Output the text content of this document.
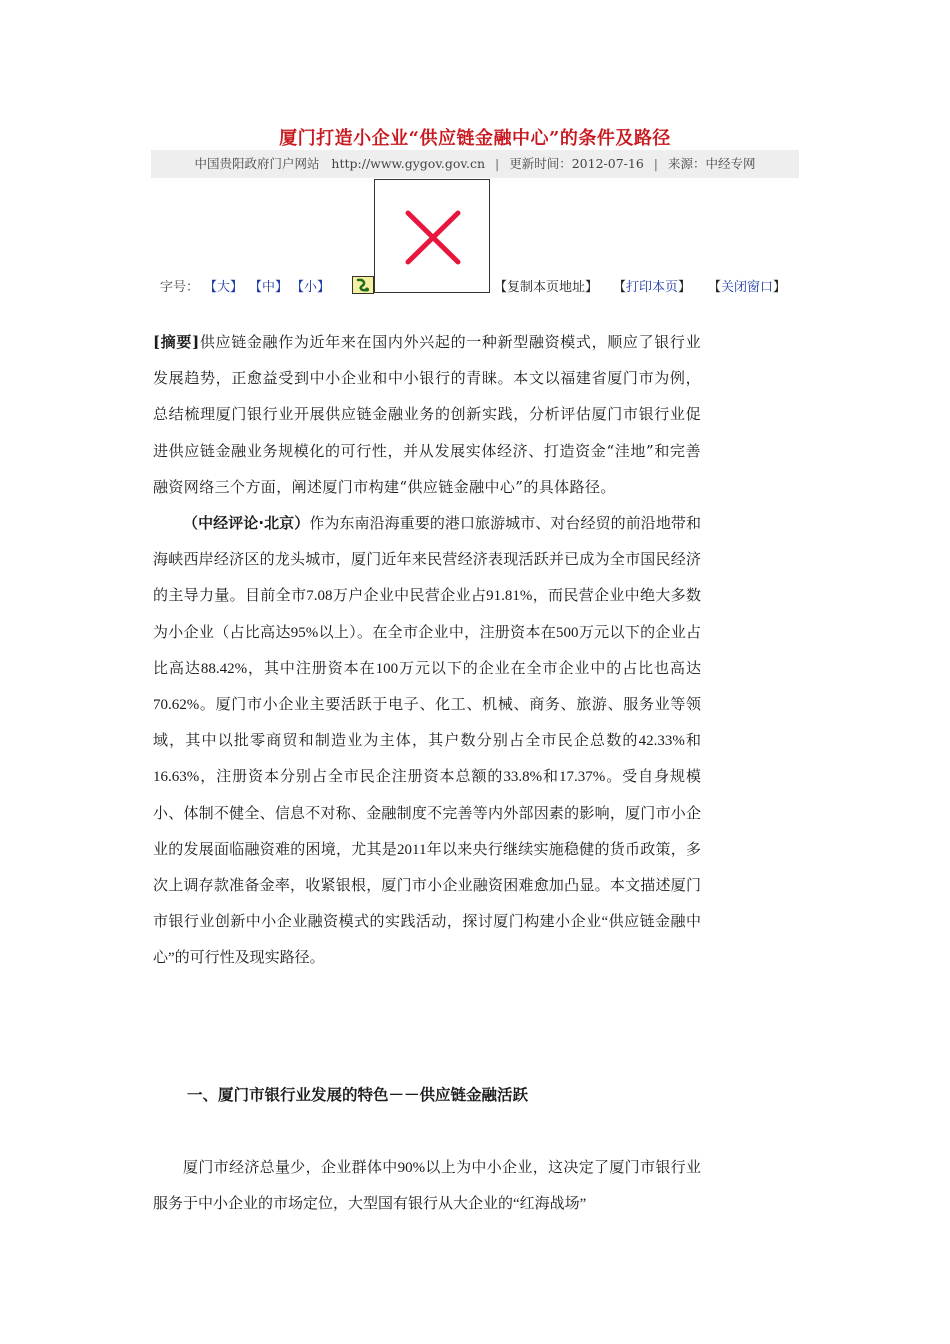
厦门打造小企业“供应链金融中心”的条件及路径
中国贵阳政府门户网站 http://www.gygov.gov.cn | 更新时间：2012-07-16 | 来源：中经专网
字号： 【大】 【中】 【小】	【复制本页地址】 【打印本页】 【关闭窗口】

[摘要]供应链金融作为近年来在国内外兴起的一种新型融资模式，顺应了银行业发展趋势，正愈益受到中小企业和中小银行的青睐。本文以福建省厦门市为例，总结梳理厦门银行业开展供应链金融业务的创新实践，分析评估厦门市银行业促进供应链金融业务规模化的可行性，并从发展实体经济、打造资金“洼地”和完善融资网络三个方面，阐述厦门市构建“供应链金融中心”的具体路径。

（中经评论·北京）作为东南沿海重要的港口旅游城市、对台经贸的前沿地带和海峡西岸经济区的龙头城市，厦门近年来民营经济表现活跃并已成为全市国民经济的主导力量。目前全市7.08万户企业中民营企业占91.81%，而民营企业中绝大多数为小企业（占比高达95%以上）。在全市企业中，注册资本在500万元以下的企业占比高达88.42%，其中注册资本在100万元以下的企业在全市企业中的占比也高达70.62%。厦门市小企业主要活跃于电子、化工、机械、商务、旅游、服务业等领域，其中以批零商贸和制造业为主体，其户数分别占全市民企总数的42.33%和16.63%，注册资本分别占全市民企注册资本总额的33.8%和17.37%。受自身规模小、体制不健全、信息不对称、金融制度不完善等内外部因素的影响，厦门市小企业的发展面临融资难的困境，尤其是2011年以来央行继续实施稳健的货币政策，多次上调存款准备金率，收紧银根，厦门市小企业融资困难愈加凸显。本文描述厦门市银行业创新中小企业融资模式的实践活动，探讨厦门构建小企业“供应链金融中心”的可行性及现实路径。

一、厦门市银行业发展的特色－－供应链金融活跃

厦门市经济总量少，企业群体中90%以上为中小企业，这决定了厦门市银行业服务于中小企业的市场定位，大型国有银行从大企业的“红海战场”
